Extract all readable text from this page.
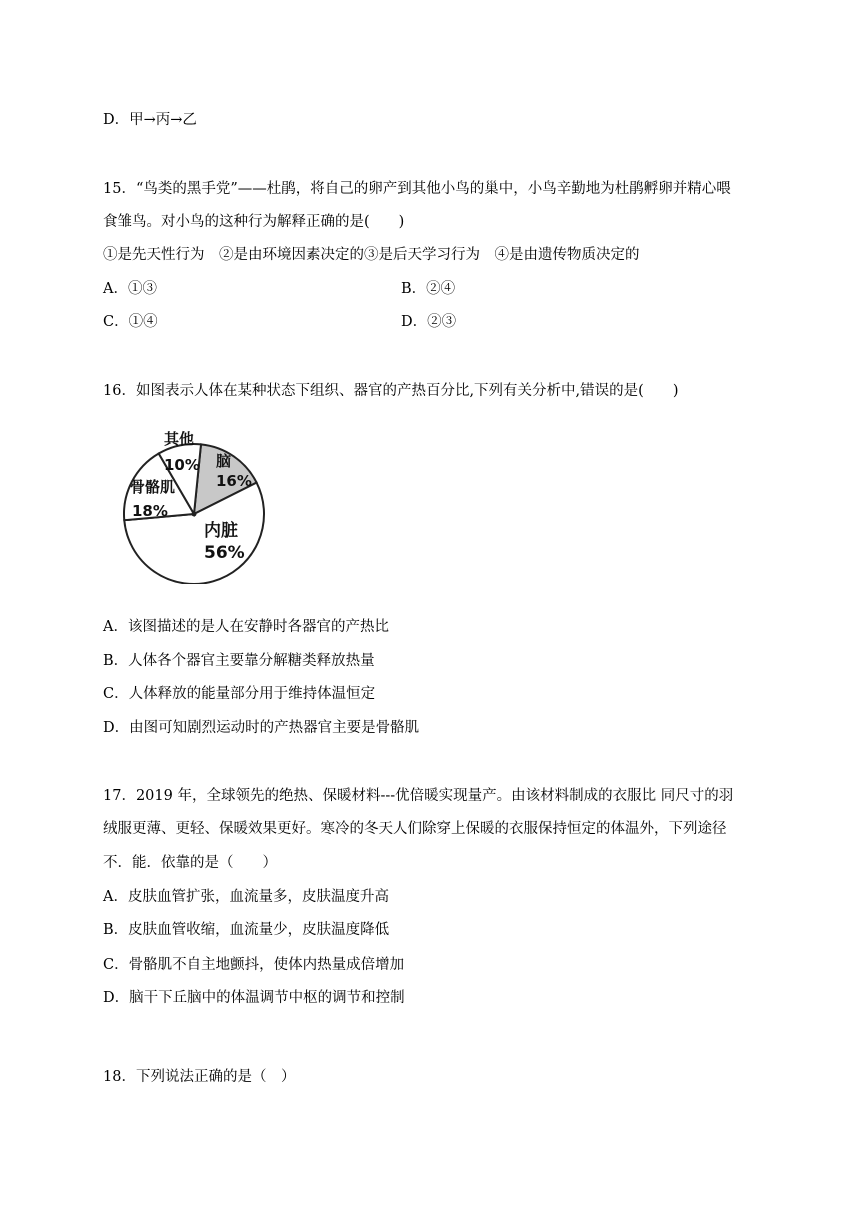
D．甲→丙→乙
15．“鸟类的黑手党”——杜鹃，将自己的卵产到其他小鸟的巢中，小鸟辛勤地为杜鹃孵卵并精心喂
食雏鸟。对小鸟的这种行为解释正确的是(　　)
①是先天性行为　②是由环境因素决定的③是后天学习行为　④是由遗传物质决定的
A．①③	B．②④
C．①④	D．②③
16．如图表示人体在某种状态下组织、器官的产热百分比,下列有关分析中,错误的是(　　)
脑
16%
内脏
56%
骨骼肌
18%
其他
10%
A．该图描述的是人在安静时各器官的产热比
B．人体各个器官主要靠分解糖类释放热量
C．人体释放的能量部分用于维持体温恒定
D．由图可知剧烈运动时的产热器官主要是骨骼肌
17．2019 年，全球领先的绝热、保暖材料---优倍暖实现量产。由该材料制成的衣服比 同尺寸的羽
绒服更薄、更轻、保暖效果更好。寒冷的冬天人们除穿上保暖的衣服保持恒定的体温外，下列途径
不．能．依靠的是（　　）
A．皮肤血管扩张，血流量多，皮肤温度升高
B．皮肤血管收缩，血流量少，皮肤温度降低
C．骨骼肌不自主地颤抖，使体内热量成倍增加
D．脑干下丘脑中的体温调节中枢的调节和控制
18．下列说法正确的是（　）
